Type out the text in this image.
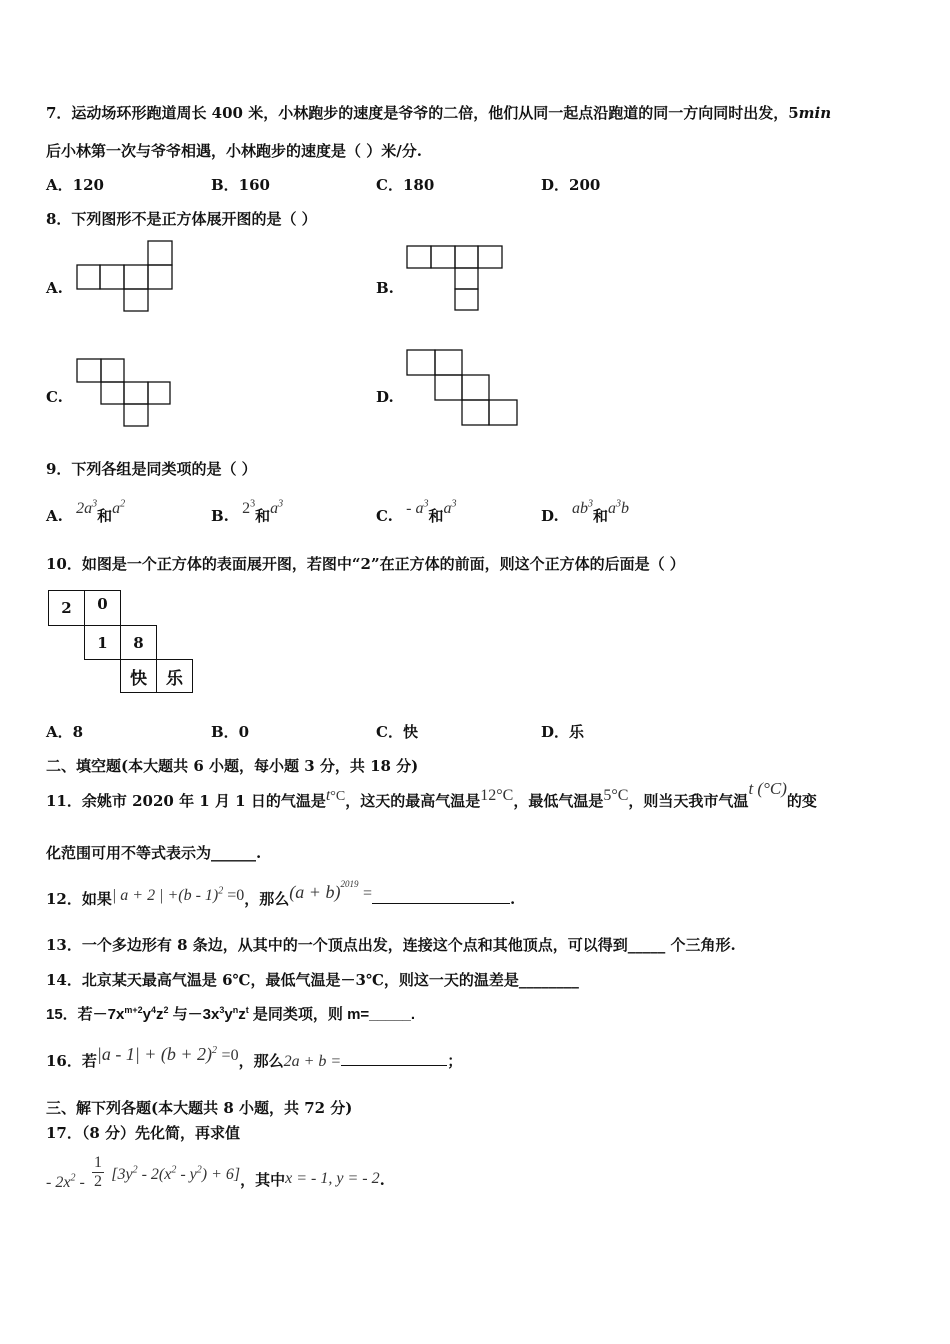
7．运动场环形跑道周长 400 米，小林跑步的速度是爷爷的二倍，他们从同一起点沿跑道的同一方向同时出发，5min
后小林第一次与爷爷相遇，小林跑步的速度是（ ）米/分.
A．120	B．160	C．180	D．200
8．下列图形不是正方体展开图的是（ ）
A.	B.
C.	D.
9．下列各组是同类项的是（ ）
A. $2a^3$和$a^2$
B. $2^3$和$a^3$
C. - $a^3$和$a^3$
D. $ab^3$和$a^3b$
10．如图是一个正方体的表面展开图，若图中“2”在正方体的前面，则这个正方体的后面是（ ）
2	0
1	8
快	乐
A．8	B．0	C．快	D．乐
二、填空题(本大题共 6 小题，每小题 3 分，共 18 分)
11．余姚市 2020 年 1 月 1 日的气温是t°C，这天的最高气温是12°C，最低气温是5°C，则当天我市气温t (°C)的变
化范围可用不等式表示为______.
12．如果| a + 2 | +(b - 1)$^2$ =0，那么$(a + b)^{2019}$ =	.
13．一个多边形有 8 条边，从其中的一个顶点出发，连接这个点和其他顶点，可以得到_____ 个三角形.
14．北京某天最高气温是 6℃，最低气温是－3℃，则这一天的温差是________
15．若$-7x^{m+2}y^4z^2$ 与$-3x^3y^nz^t$ 是同类项，则 m=_____.
16．若$|a - 1| + (b + 2)^2 =0$，那么2a + b =	；
三、解下列各题(本大题共 8 小题，共 72 分)
17．（8 分）先化简，再求值
- $2x^2 - \frac{1}{2} [3y^2 - 2(x^2 - y^2) + 6]$，其中x = - 1, y = - 2.
